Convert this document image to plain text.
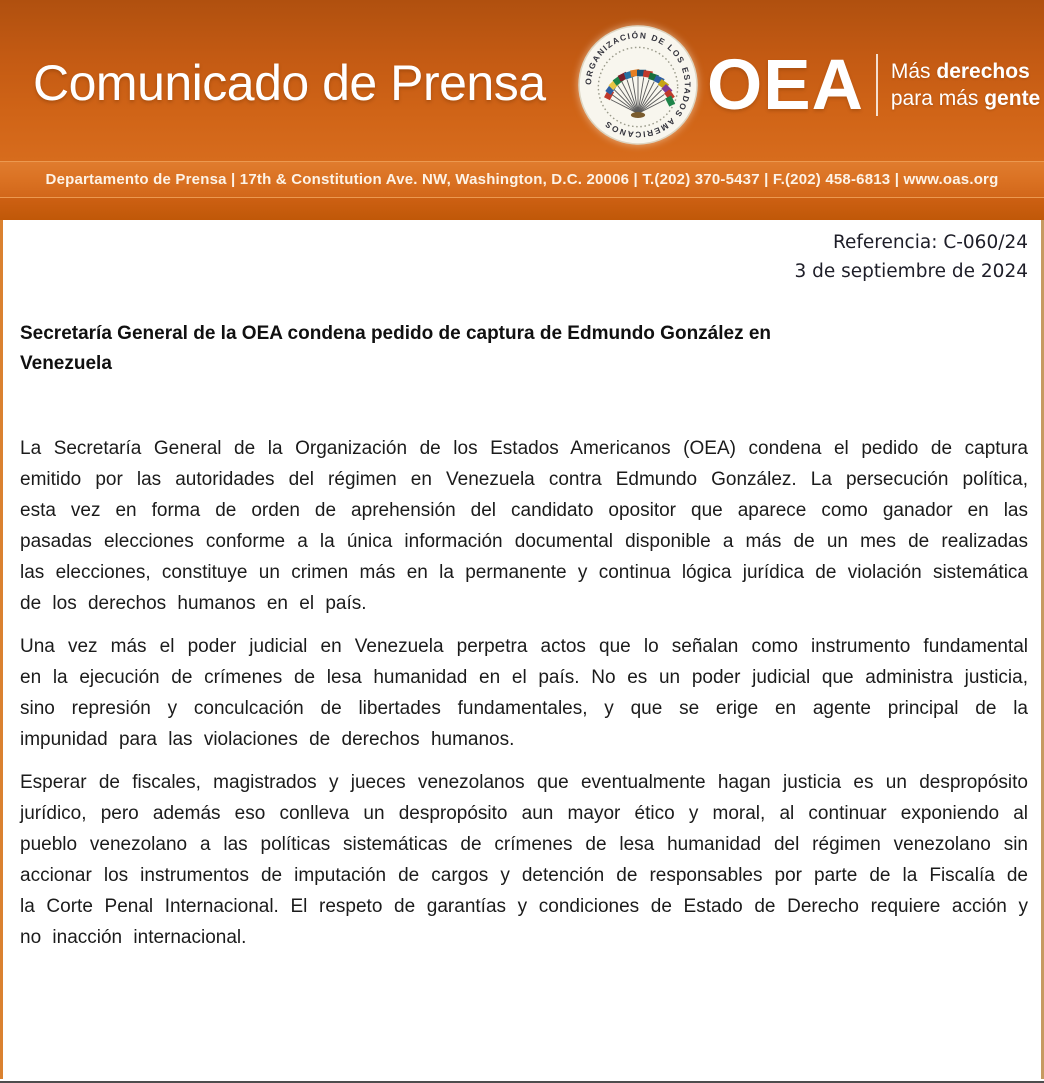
Comunicado de Prensa	ORGANIZACIÓN DE LOS ESTADOS AMERICANOS
OEA Más derechos
para más gente
Departamento de Prensa | 17th & Constitution Ave. NW, Washington, D.C. 20006 | T.(202) 370-5437 | F.(202) 458-6813 | www.oas.org
Referencia: C-060/24
3 de septiembre de 2024
Secretaría General de la OEA condena pedido de captura de Edmundo González en Venezuela

La Secretaría General de la Organización de los Estados Americanos (OEA) condena el pedido de captura emitido por las autoridades del régimen en Venezuela contra Edmundo González. La persecución política, esta vez en forma de orden de aprehensión del candidato opositor que aparece como ganador en las pasadas elecciones conforme a la única información documental disponible a más de un mes de realizadas las elecciones, constituye un crimen más en la permanente y continua lógica jurídica de violación sistemática de los derechos humanos en el país.

Una vez más el poder judicial en Venezuela perpetra actos que lo señalan como instrumento fundamental en la ejecución de crímenes de lesa humanidad en el país. No es un poder judicial que administra justicia, sino represión y conculcación de libertades fundamentales, y que se erige en agente principal de la impunidad para las violaciones de derechos humanos.

Esperar de fiscales, magistrados y jueces venezolanos que eventualmente hagan justicia es un despropósito jurídico, pero además eso conlleva un despropósito aun mayor ético y moral, al continuar exponiendo al pueblo venezolano a las políticas sistemáticas de crímenes de lesa humanidad del régimen venezolano sin accionar los instrumentos de imputación de cargos y detención de responsables por parte de la Fiscalía de la Corte Penal Internacional. El respeto de garantías y condiciones de Estado de Derecho requiere acción y no inacción internacional.
